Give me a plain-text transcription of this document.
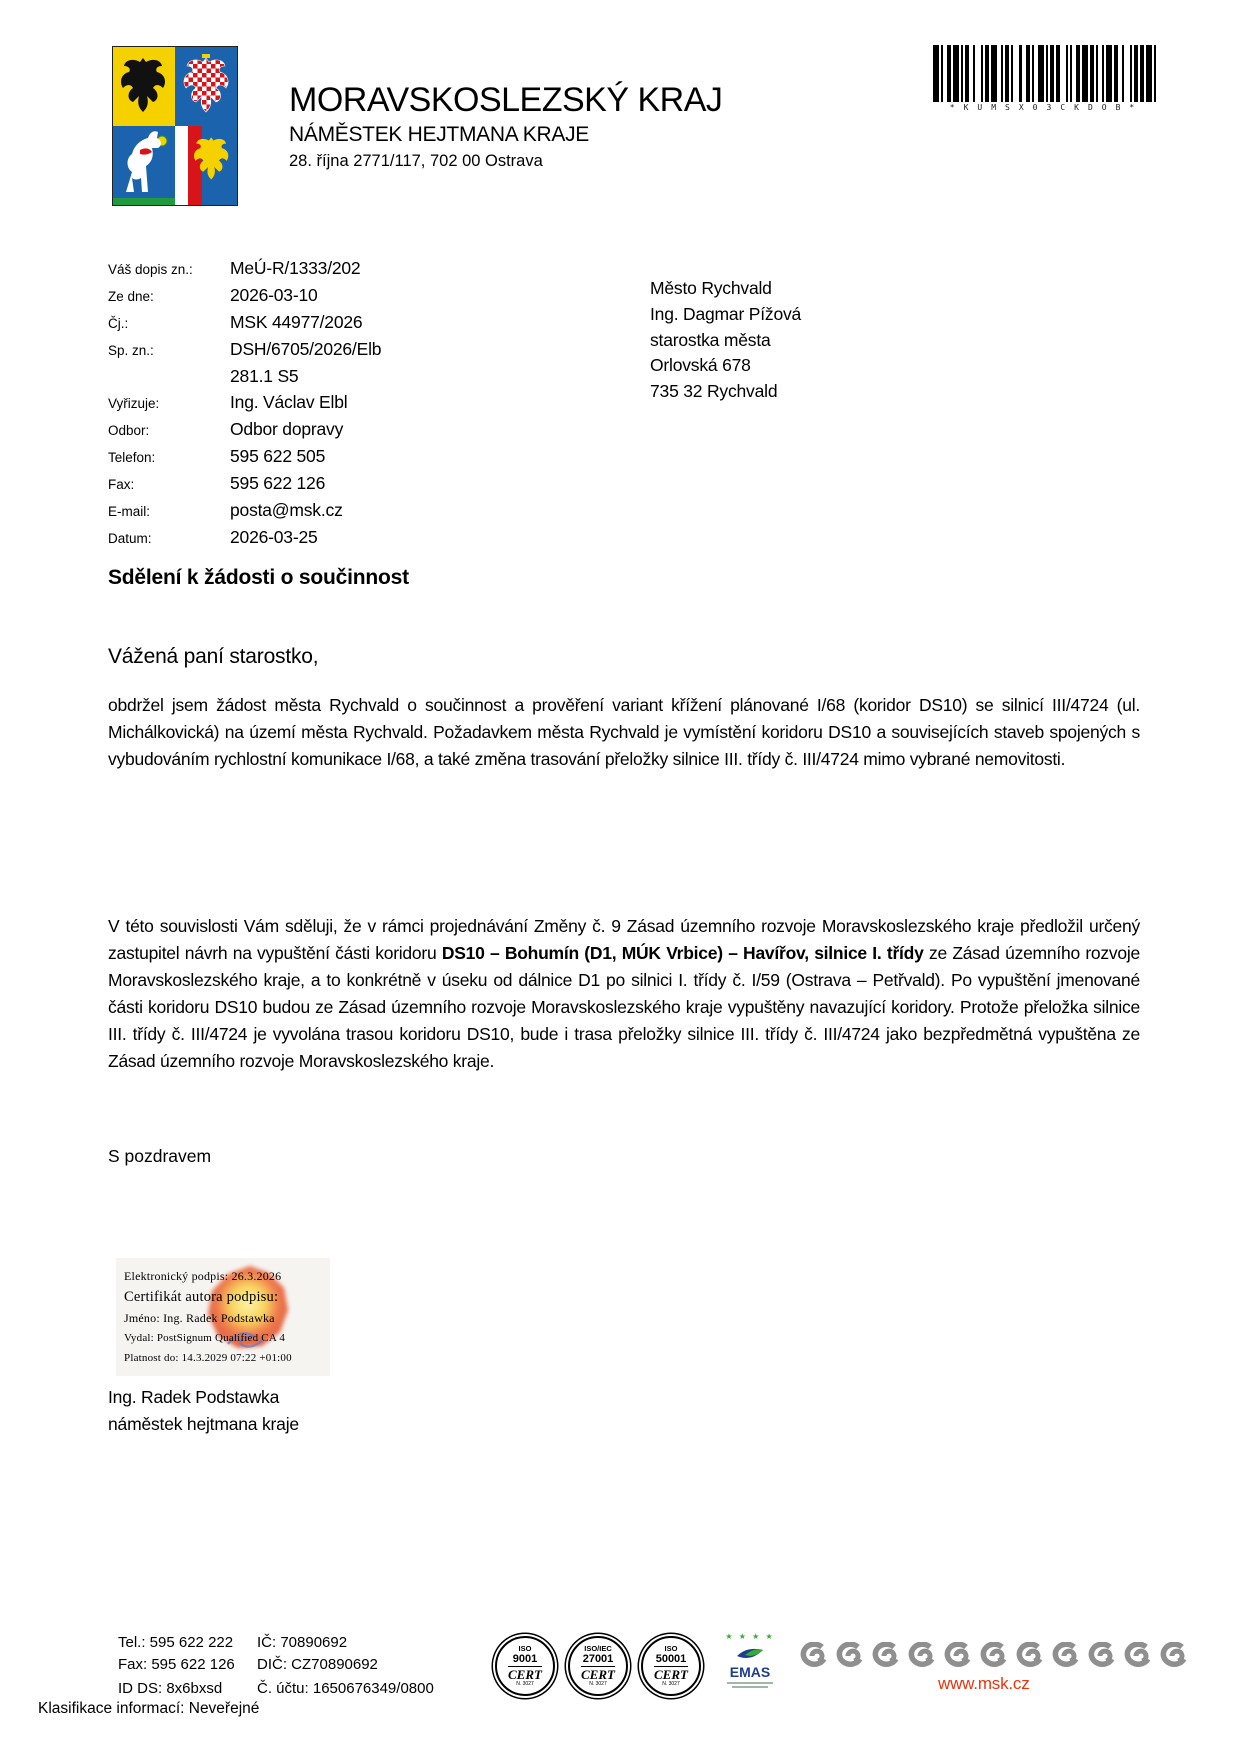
MORAVSKOSLEZSKÝ KRAJ
NÁMĚSTEK HEJTMANA KRAJE
28. října 2771/117, 702 00 Ostrava
*KUMSX03CKDOB*
Váš dopis zn.:	MeÚ-R/1333/202
Ze dne:	2026-03-10
Čj.:	MSK 44977/2026
Sp. zn.:	DSH/6705/2026/Elb
281.1 S5
Vyřizuje:	Ing. Václav Elbl
Odbor:	Odbor dopravy
Telefon:	595 622 505
Fax:	595 622 126
E-mail:	posta@msk.cz
Datum:	2026-03-25
Město Rychvald
Ing. Dagmar Pížová
starostka města
Orlovská 678
735 32 Rychvald
Sdělení k žádosti o součinnost
Vážená paní starostko,
obdržel jsem žádost města Rychvald o součinnost a prověření variant křížení plánované I/68 (koridor DS10) se silnicí III/4724 (ul. Michálkovická) na území města Rychvald. Požadavkem města Rychvald je vymístění koridoru DS10 a souvisejících staveb spojených s vybudováním rychlostní komunikace I/68, a také změna trasování přeložky silnice III. třídy č. III/4724 mimo vybrané nemovitosti.
V této souvislosti Vám sděluji, že v rámci projednávání Změny č. 9 Zásad územního rozvoje Moravskoslezského kraje předložil určený zastupitel návrh na vypuštění části koridoru DS10 – Bohumín (D1, MÚK Vrbice) – Havířov, silnice I. třídy ze Zásad územního rozvoje Moravskoslezského kraje, a to konkrétně v úseku od dálnice D1 po silnici I. třídy č. I/59 (Ostrava – Petřvald). Po vypuštění jmenované části koridoru DS10 budou ze Zásad územního rozvoje Moravskoslezského kraje vypuštěny navazující koridory. Protože přeložka silnice III. třídy č. III/4724 je vyvolána trasou koridoru DS10, bude i trasa přeložky silnice III. třídy č. III/4724 jako bezpředmětná vypuštěna ze Zásad územního rozvoje Moravskoslezského kraje.
S pozdravem
Elektronický podpis: 26.3.2026
Certifikát autora podpisu:
Jméno: Ing. Radek Podstawka
Vydal: PostSignum Qualified CA 4
Platnost do: 14.3.2029 07:22 +01:00
Ing. Radek Podstawka
náměstek hejtmana kraje
Tel.: 595 622 222	IČ: 70890692
Fax: 595 622 126	DIČ: CZ70890692
ID DS: 8x6bxsd	Č. účtu: 1650676349/0800
ISO
9001
CERT
N. 3027
ISO/IEC
27001
CERT
N. 3027
ISO
50001
CERT
N. 3027
★ ★ ★ ★
EMAS
www.msk.cz
Klasifikace informací: Neveřejné
